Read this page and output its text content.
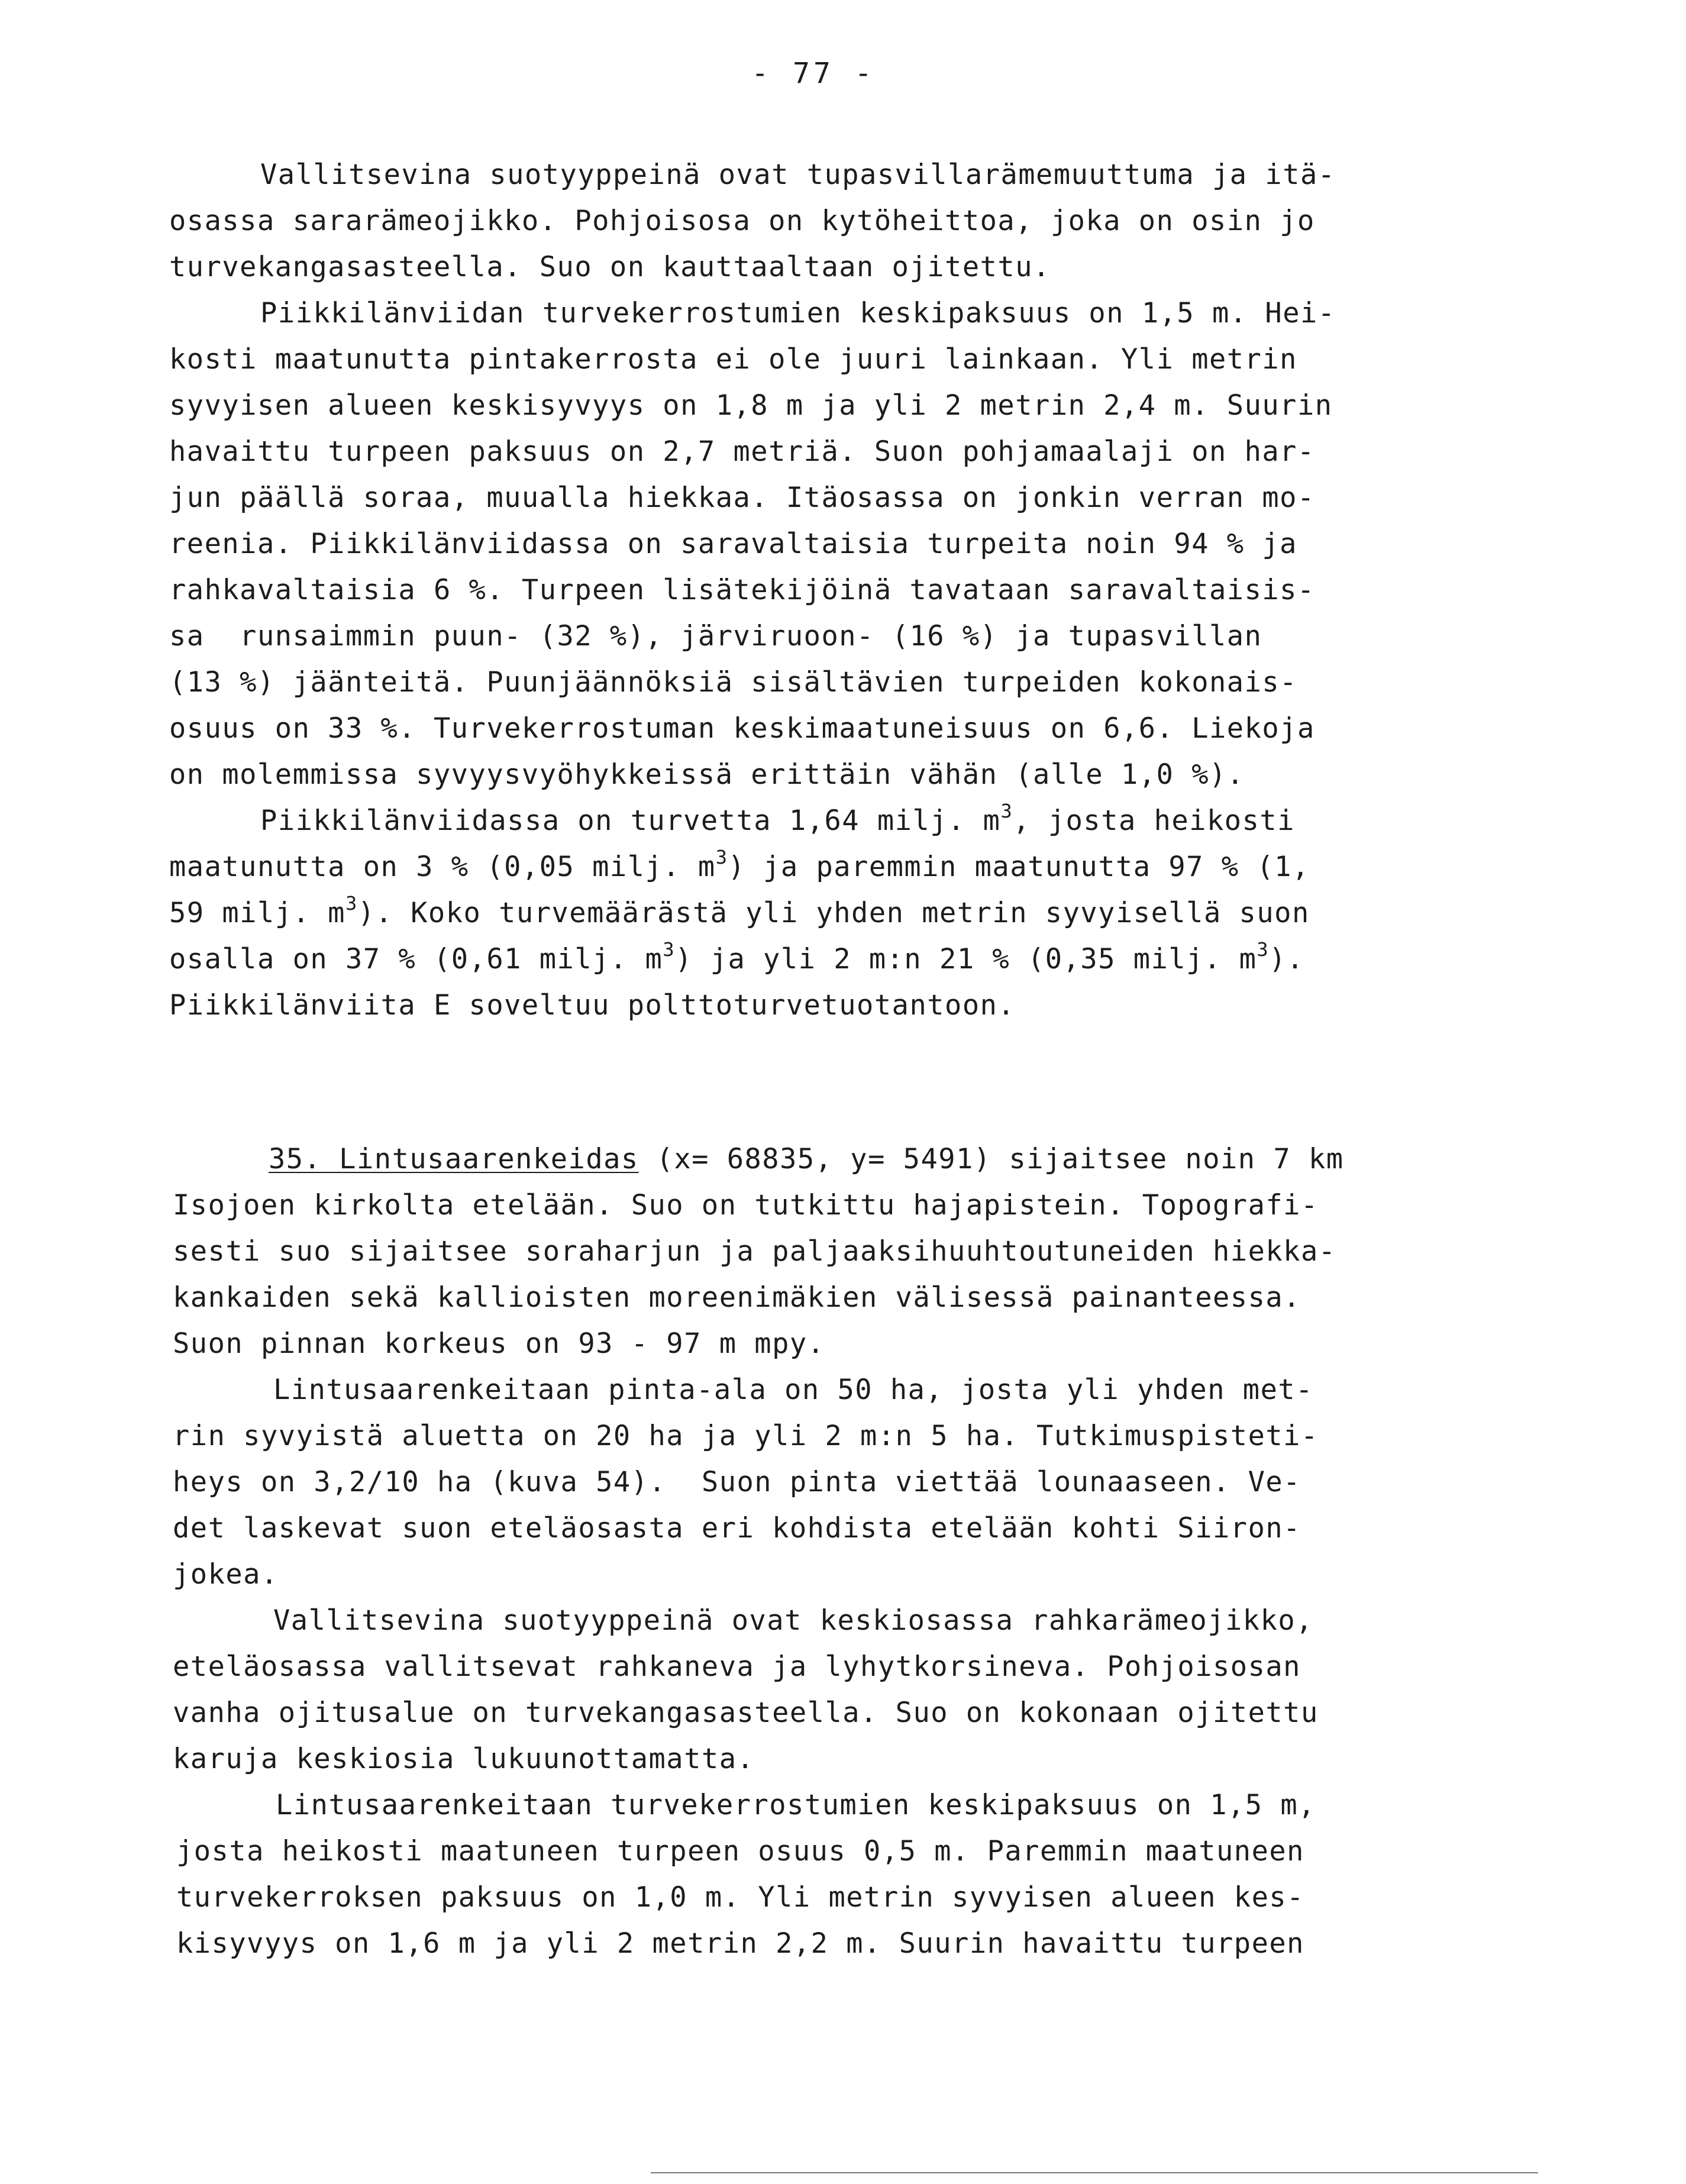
- 77 -
Vallitsevina suotyyppeinä ovat tupasvillarämemuuttuma ja itä-
osassa sararämeojikko. Pohjoisosa on kytöheittoa, joka on osin jo
turvekangasasteella. Suo on kauttaaltaan ojitettu.
Piikkilänviidan turvekerrostumien keskipaksuus on 1,5 m. Hei-
kosti maatunutta pintakerrosta ei ole juuri lainkaan. Yli metrin
syvyisen alueen keskisyvyys on 1,8 m ja yli 2 metrin 2,4 m. Suurin
havaittu turpeen paksuus on 2,7 metriä. Suon pohjamaalaji on har-
jun päällä soraa, muualla hiekkaa. Itäosassa on jonkin verran mo-
reenia. Piikkilänviidassa on saravaltaisia turpeita noin 94 % ja
rahkavaltaisia 6 %. Turpeen lisätekijöinä tavataan saravaltaisis-
sa  runsaimmin puun- (32 %), järviruoon- (16 %) ja tupasvillan
(13 %) jäänteitä. Puunjäännöksiä sisältävien turpeiden kokonais-
osuus on 33 %. Turvekerrostuman keskimaatuneisuus on 6,6. Liekoja
on molemmissa syvyysvyöhykkeissä erittäin vähän (alle 1,0 %).
Piikkilänviidassa on turvetta 1,64 milj. $m^3$, josta heikosti
maatunutta on 3 % (0,05 milj. $m^3$) ja paremmin maatunutta 97 % (1,
59 milj. $m^3$). Koko turvemäärästä yli yhden metrin syvyisellä suon
osalla on 37 % (0,61 milj. $m^3$) ja yli 2 m:n 21 % (0,35 milj. $m^3$).
Piikkilänviita E soveltuu polttoturvetuotantoon.
35. Lintusaarenkeidas (x= 68835, y= 5491) sijaitsee noin 7 km
Isojoen kirkolta etelään. Suo on tutkittu hajapistein. Topografi-
sesti suo sijaitsee soraharjun ja paljaaksihuuhtoutuneiden hiekka-
kankaiden sekä kallioisten moreenimäkien välisessä painanteessa.
Suon pinnan korkeus on 93 - 97 m mpy.
Lintusaarenkeitaan pinta-ala on 50 ha, josta yli yhden met-
rin syvyistä aluetta on 20 ha ja yli 2 m:n 5 ha. Tutkimuspisteti-
heys on 3,2/10 ha (kuva 54).  Suon pinta viettää lounaaseen. Ve-
det laskevat suon eteläosasta eri kohdista etelään kohti Siiron-
jokea.
Vallitsevina suotyyppeinä ovat keskiosassa rahkarämeojikko,
eteläosassa vallitsevat rahkaneva ja lyhytkorsineva. Pohjoisosan
vanha ojitusalue on turvekangasasteella. Suo on kokonaan ojitettu
karuja keskiosia lukuunottamatta.
Lintusaarenkeitaan turvekerrostumien keskipaksuus on 1,5 m,
josta heikosti maatuneen turpeen osuus 0,5 m. Paremmin maatuneen
turvekerroksen paksuus on 1,0 m. Yli metrin syvyisen alueen kes-
kisyvyys on 1,6 m ja yli 2 metrin 2,2 m. Suurin havaittu turpeen
